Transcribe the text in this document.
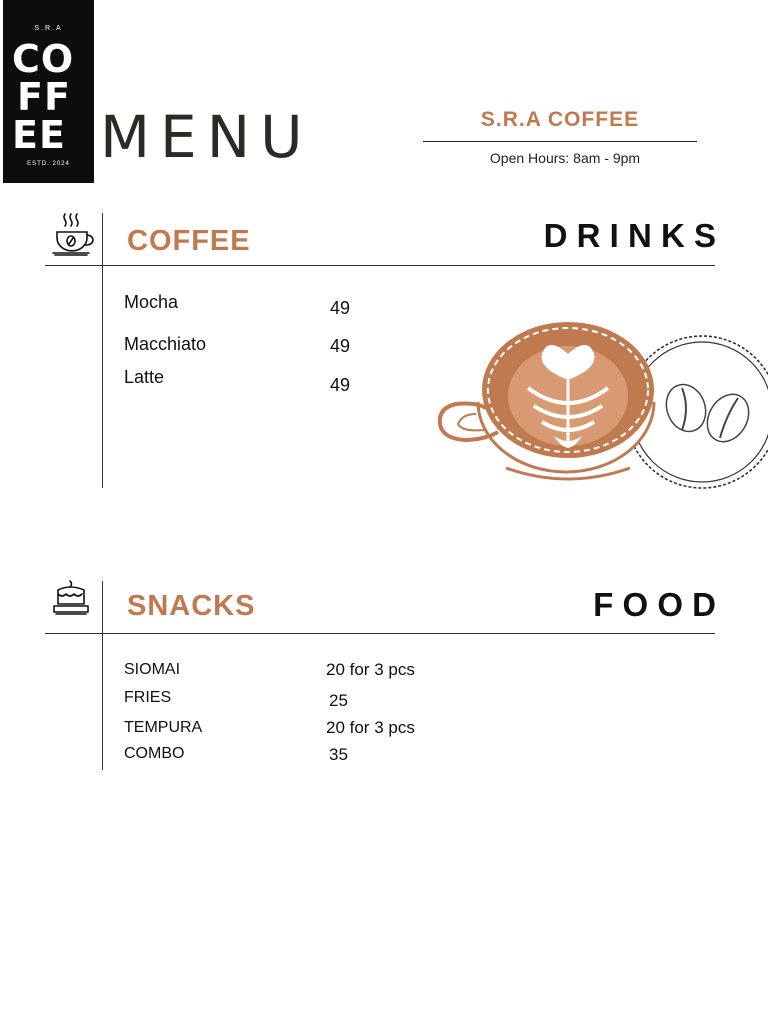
S.R.A
CO
FF
EE
ESTD. 2024 MENU	S.R.A COFFEE
Open Hours: 8am - 9pm
COFFEE	D R I N K S
Mocha	49
Macchiato	49
Latte	49
SNACKS	F O O D
SIOMAI	20 for 3 pcs
FRIES	25
TEMPURA	20 for 3 pcs
COMBO	35
